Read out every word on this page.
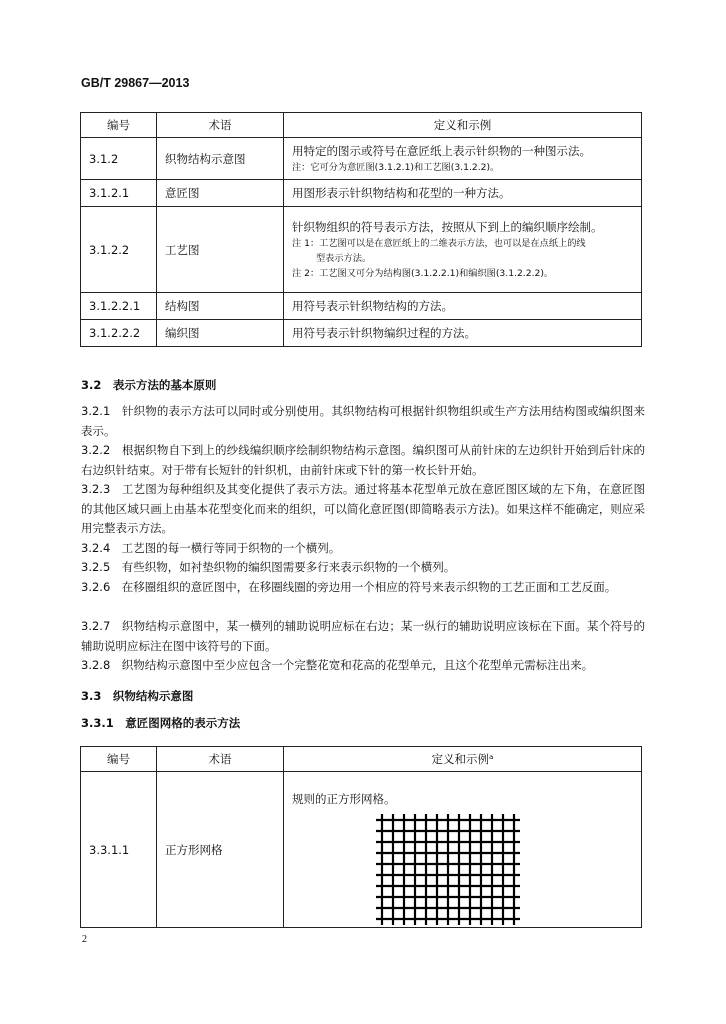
GB/T 29867—2013
编号	术语	定义和示例
3.1.2	织物结构示意图	用特定的图示或符号在意匠纸上表示针织物的一种图示法。
注：它可分为意匠图(3.1.2.1)和工艺图(3.1.2.2)。

3.1.2.1	意匠图	用图形表示针织物结构和花型的一种方法。
3.1.2.2	工艺图	针织物组织的符号表示方法，按照从下到上的编织顺序绘制。
注 1：工艺图可以是在意匠纸上的二维表示方法，也可以是在点纸上的线
型表示方法。
注 2：工艺图又可分为结构图(3.1.2.2.1)和编织图(3.1.2.2.2)。

3.1.2.2.1	结构图	用符号表示针织物结构的方法。
3.1.2.2.2	编织图	用符号表示针织物编织过程的方法。
3.2　表示方法的基本原则
3.2.1　针织物的表示方法可以同时或分别使用。其织物结构可根据针织物组织或生产方法用结构图或编织图来表示。
3.2.2　根据织物自下到上的纱线编织顺序绘制织物结构示意图。编织图可从前针床的左边织针开始到后针床的右边织针结束。对于带有长短针的针织机，由前针床或下针的第一枚长针开始。
3.2.3　工艺图为每种组织及其变化提供了表示方法。通过将基本花型单元放在意匠图区域的左下角，在意匠图的其他区域只画上由基本花型变化而来的组织，可以简化意匠图(即简略表示方法)。如果这样不能确定，则应采用完整表示方法。
3.2.4　工艺图的每一横行等同于织物的一个横列。
3.2.5　有些织物，如衬垫织物的编织图需要多行来表示织物的一个横列。
3.2.6　在移圈组织的意匠图中，在移圈线圈的旁边用一个相应的符号来表示织物的工艺正面和工艺反面。
3.2.7　织物结构示意图中，某一横列的辅助说明应标在右边；某一纵行的辅助说明应该标在下面。某个符号的辅助说明应标注在图中该符号的下面。
3.2.8　织物结构示意图中至少应包含一个完整花宽和花高的花型单元，且这个花型单元需标注出来。
3.3　织物结构示意图
3.3.1　意匠图网格的表示方法
编号	术语	定义和示例ᵃ
3.3.1.1	正方形网格	规则的正方形网格。
2
